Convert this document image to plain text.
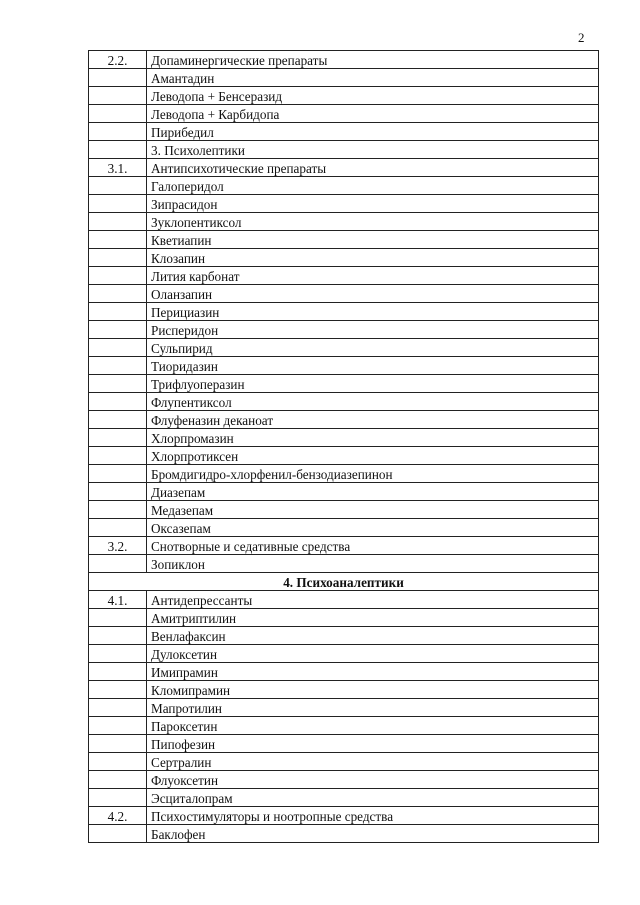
2
2.2.	Допаминергические препараты
	Амантадин
	Леводопа + Бенсеразид
	Леводопа + Карбидопа
	Пирибедил
	3. Психолептики
3.1.	Антипсихотические препараты
	Галоперидол
	Зипрасидон
	Зуклопентиксол
	Кветиапин
	Клозапин
	Лития карбонат
	Оланзапин
	Перициазин
	Рисперидон
	Сульпирид
	Тиоридазин
	Трифлуоперазин
	Флупентиксол
	Флуфеназин деканоат
	Хлорпромазин
	Хлорпротиксен
	Бромдигидро-хлорфенил-бензодиазепинон
	Диазепам
	Медазепам
	Оксазепам
3.2.	Снотворные и седативные средства
	Зопиклон
4. Психоаналептики	
4.1.	Антидепрессанты
	Амитриптилин
	Венлафаксин
	Дулоксетин
	Имипрамин
	Кломипрамин
	Мапротилин
	Пароксетин
	Пипофезин
	Сертралин
	Флуоксетин
	Эсциталопрам
4.2.	Психостимуляторы и ноотропные средства
	Баклофен
